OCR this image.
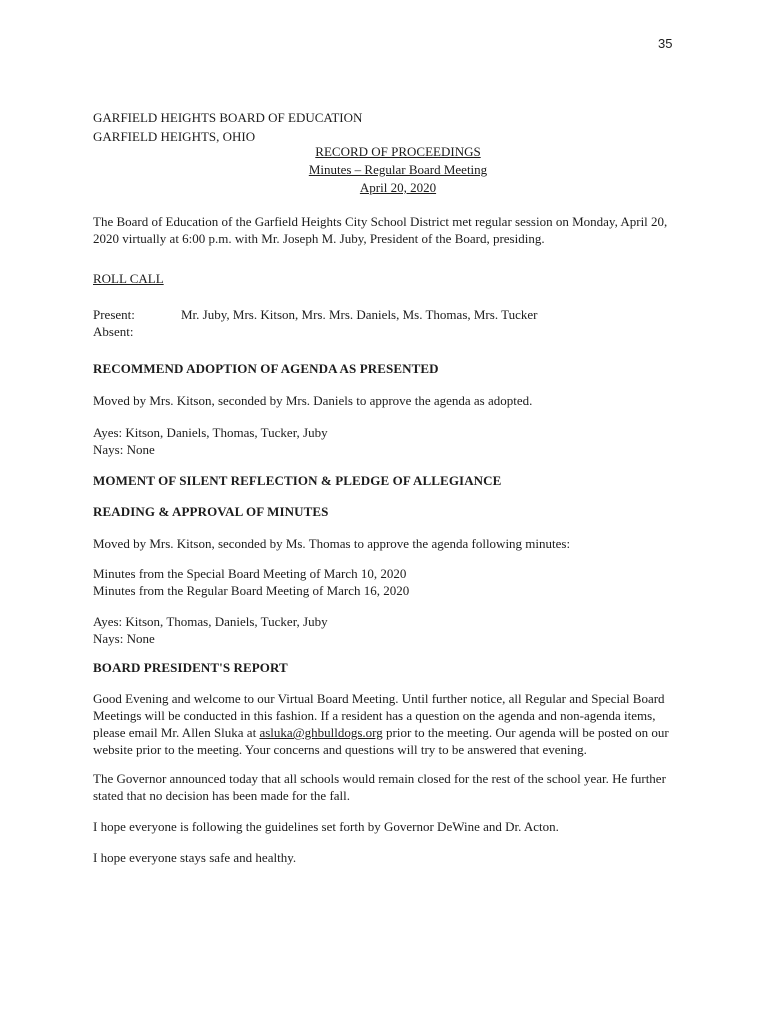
35
GARFIELD HEIGHTS BOARD OF EDUCATION
GARFIELD HEIGHTS, OHIO
RECORD OF PROCEEDINGS
Minutes – Regular Board Meeting
April 20, 2020
The Board of Education of the Garfield Heights City School District met regular session on Monday, April 20,
2020 virtually at 6:00 p.m. with Mr. Joseph M. Juby, President of the Board, presiding.
ROLL CALL
Present:	Mr. Juby, Mrs. Kitson, Mrs. Mrs. Daniels, Ms. Thomas, Mrs. Tucker
Absent:
RECOMMEND ADOPTION OF AGENDA AS PRESENTED
Moved by Mrs. Kitson, seconded by Mrs. Daniels to approve the agenda as adopted.
Ayes: Kitson, Daniels, Thomas, Tucker, Juby
Nays: None
MOMENT OF SILENT REFLECTION & PLEDGE OF ALLEGIANCE
READING & APPROVAL OF MINUTES
Moved by Mrs. Kitson, seconded by Ms. Thomas to approve the agenda following minutes:
Minutes from the Special Board Meeting of March 10, 2020
Minutes from the Regular Board Meeting of March 16, 2020
Ayes: Kitson, Thomas, Daniels, Tucker, Juby
Nays: None
BOARD PRESIDENT'S REPORT
Good Evening and welcome to our Virtual Board Meeting. Until further notice, all Regular and Special Board
Meetings will be conducted in this fashion. If a resident has a question on the agenda and non-agenda items,
please email Mr. Allen Sluka at asluka@ghbulldogs.org prior to the meeting. Our agenda will be posted on our
website prior to the meeting. Your concerns and questions will try to be answered that evening.
The Governor announced today that all schools would remain closed for the rest of the school year. He further
stated that no decision has been made for the fall.
I hope everyone is following the guidelines set forth by Governor DeWine and Dr. Acton.
I hope everyone stays safe and healthy.
